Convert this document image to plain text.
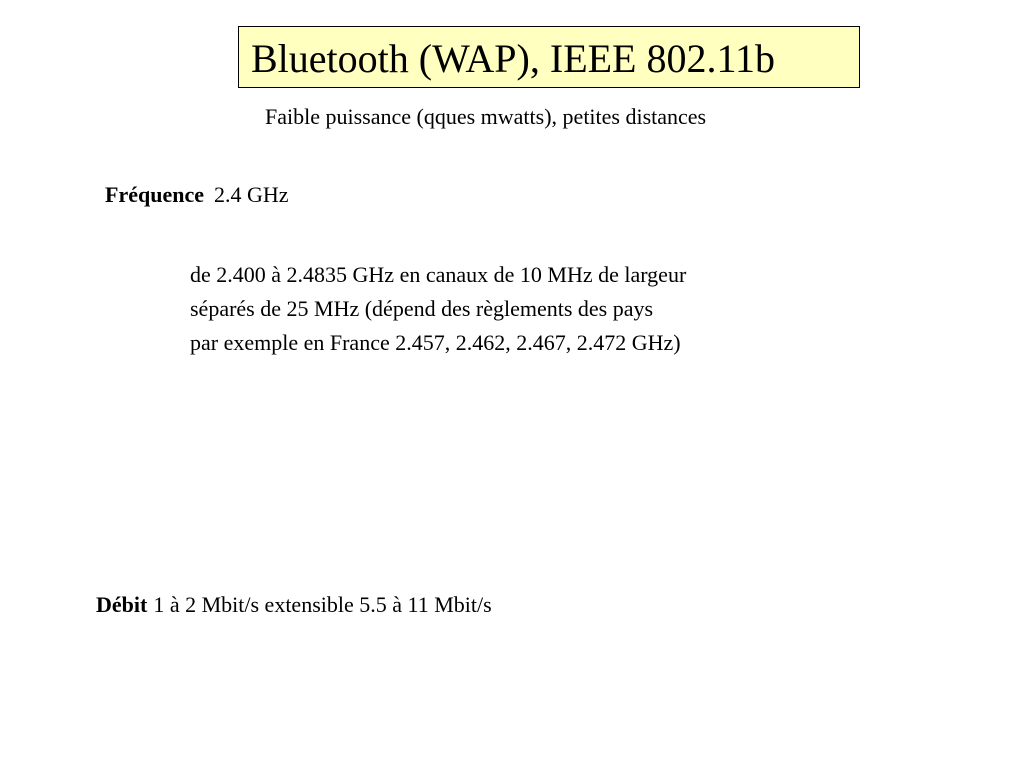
Bluetooth (WAP), IEEE 802.11b
Faible puissance (qques mwatts), petites distances
Fréquence 2.4 GHz
de 2.400 à 2.4835 GHz en canaux de 10 MHz de largeur
séparés de 25 MHz (dépend des règlements des pays
par exemple en France 2.457, 2.462, 2.467, 2.472 GHz)
Débit 1 à 2 Mbit/s extensible 5.5 à 11 Mbit/s
